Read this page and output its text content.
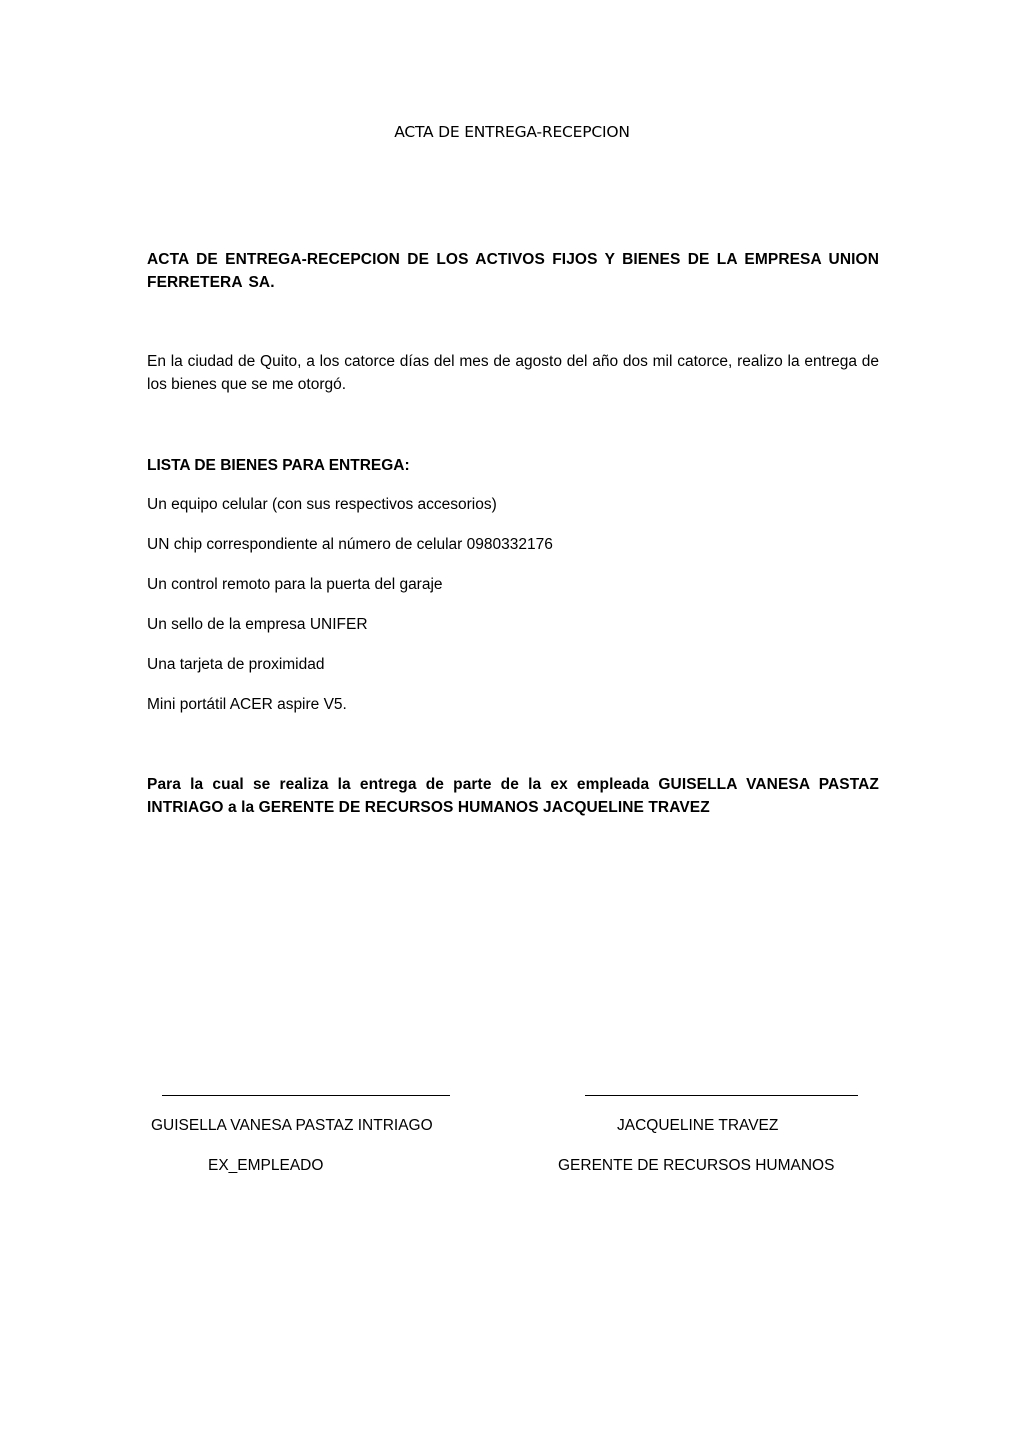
ACTA DE ENTREGA-RECEPCION

ACTA DE ENTREGA-RECEPCION DE LOS ACTIVOS FIJOS Y BIENES DE LA EMPRESA UNION FERRETERA SA.

En la ciudad de Quito, a los catorce días del mes de agosto del año dos mil catorce, realizo la entrega de los bienes que se me otorgó.

LISTA DE BIENES PARA ENTREGA:

Un equipo celular (con sus respectivos accesorios)

UN chip correspondiente al número de celular 0980332176

Un control remoto para la puerta del garaje

Un sello de la empresa UNIFER

Una tarjeta de proximidad

Mini portátil ACER aspire V5.

Para la cual se realiza la entrega de parte de la ex empleada GUISELLA VANESA PASTAZ INTRIAGO a la GERENTE DE RECURSOS HUMANOS JACQUELINE TRAVEZ

GUISELLA VANESA PASTAZ INTRIAGO

EX_EMPLEADO

JACQUELINE TRAVEZ

GERENTE DE RECURSOS HUMANOS
